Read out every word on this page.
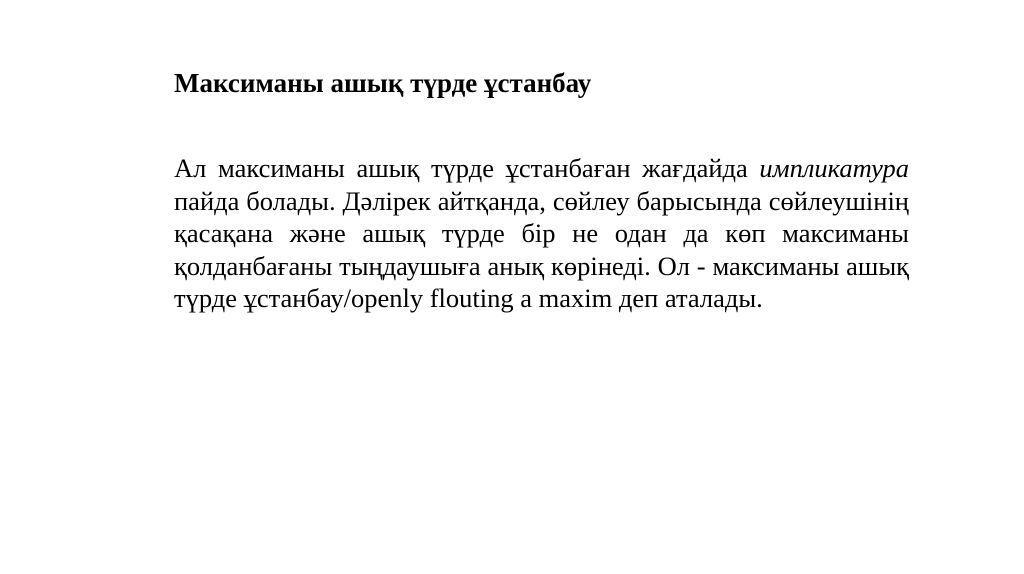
Максиманы ашық түрде ұстанбау

Ал максиманы ашық түрде ұстанбаған жағдайда импликатура пайда болады. Дәлірек айтқанда, сөйлеу барысында сөйлеушінің қасақана және ашық түрде бір не одан да көп максиманы қолданбағаны тыңдаушыға анық көрінеді. Ол - максиманы ашық түрде ұстанбау/openly flouting a maxim деп аталады.
